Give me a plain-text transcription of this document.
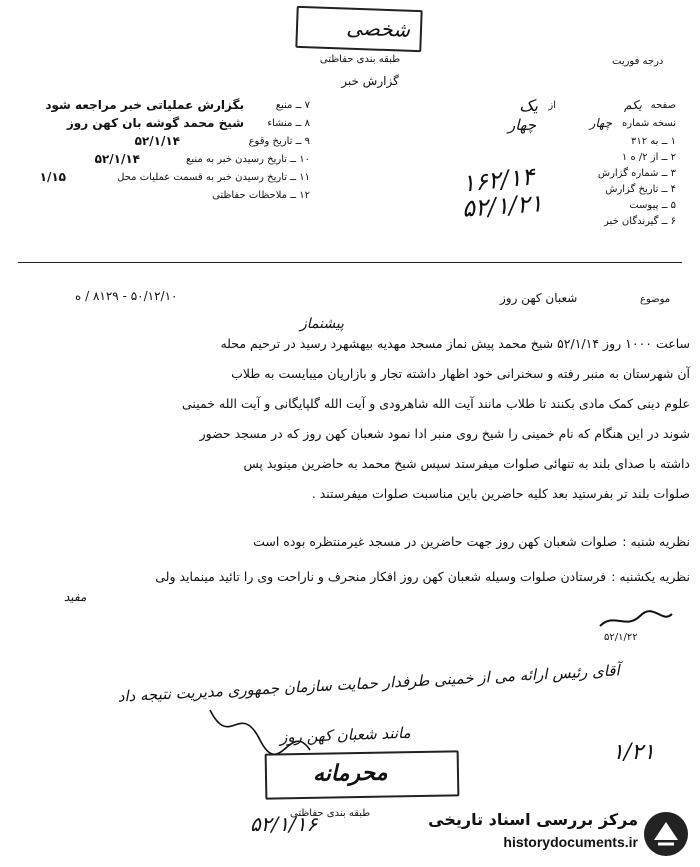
شخصی
طبقه بندی حفاظتی	درجه فوریت
گزارش خبر
۷ ــ منبع
بگزارش عملیاتی خبر مراجعه شود
۸ ــ منشاء
شیخ محمد گوشه بان کهن روز
۹ ــ تاریخ وقوع
۵۲/۱/۱۴
۱۰ ــ تاریخ رسیدن خبر به منبع
۵۲/۱/۱۴
۱۱ ــ تاریخ رسیدن خبر به قسمت عملیات محل
۱/۱۵
۱۲ ــ ملاحظات حفاظتی
صفحه
یکم
از
یک
نسخه شماره
چهار
چهار
۱ ــ به ۳۱۲
۲ ــ از ۲/ ه ۱
۳ ــ شماره گزارش
۴ ــ تاریخ گزارش
۵ ــ پیوست
۶ ــ گیرندگان خبر
۱۶۲/۱۴
۵۲/۱/۲۱
موضوع
شعبان کهن روز
۵۰/۱۲/۱۰ - ۸۱۲۹ / ه
پیشنماز
ساعت ۱۰۰۰ روز ۵۲/۱/۱۴ شیخ محمد پیش نماز مسجد مهدیه بیهشهرد رسید در ترحیم محله
آن شهرستان به منبر رفته و سخنرانی خود اظهار داشته تجار و بازاریان میبایست به طلاب
علوم دینی کمک مادی بکنند تا طلاب مانند آیت الله شاهرودی و آیت الله گلپایگانی و آیت الله خمینی
شوند در این هنگام که نام خمینی را شیخ روی منبر ادا نمود شعبان کهن روز که در مسجد حضور
داشته با صدای بلند به تنهائی صلوات میفرستد سپس شیخ محمد به حاضرین مینوید پس
صلوات بلند تر بفرستید بعد کلیه حاضرین باین مناسبت صلوات میفرستند .
نظریه شنبه : صلوات شعبان کهن روز جهت حاضرین در مسجد غیرمنتظره بوده است
نظریه یکشنبه : فرستادن صلوات وسیله شعبان کهن روز افکار منحرف و ناراحت وی را تائید مینماید ولی
مفید
۵۲/۱/۲۲
آقای رئیس ارائه می از خمینی طرفدار حمایت سازمان جمهوری مدیریت نتیجه داد
مانند شعبان کهن روز
۱/۲۱
محرمانه
طبقه بندی حفاظتی
۵۲/۱/۱۶	مرکز بررسی اسناد تاریخی
historydocuments.ir
